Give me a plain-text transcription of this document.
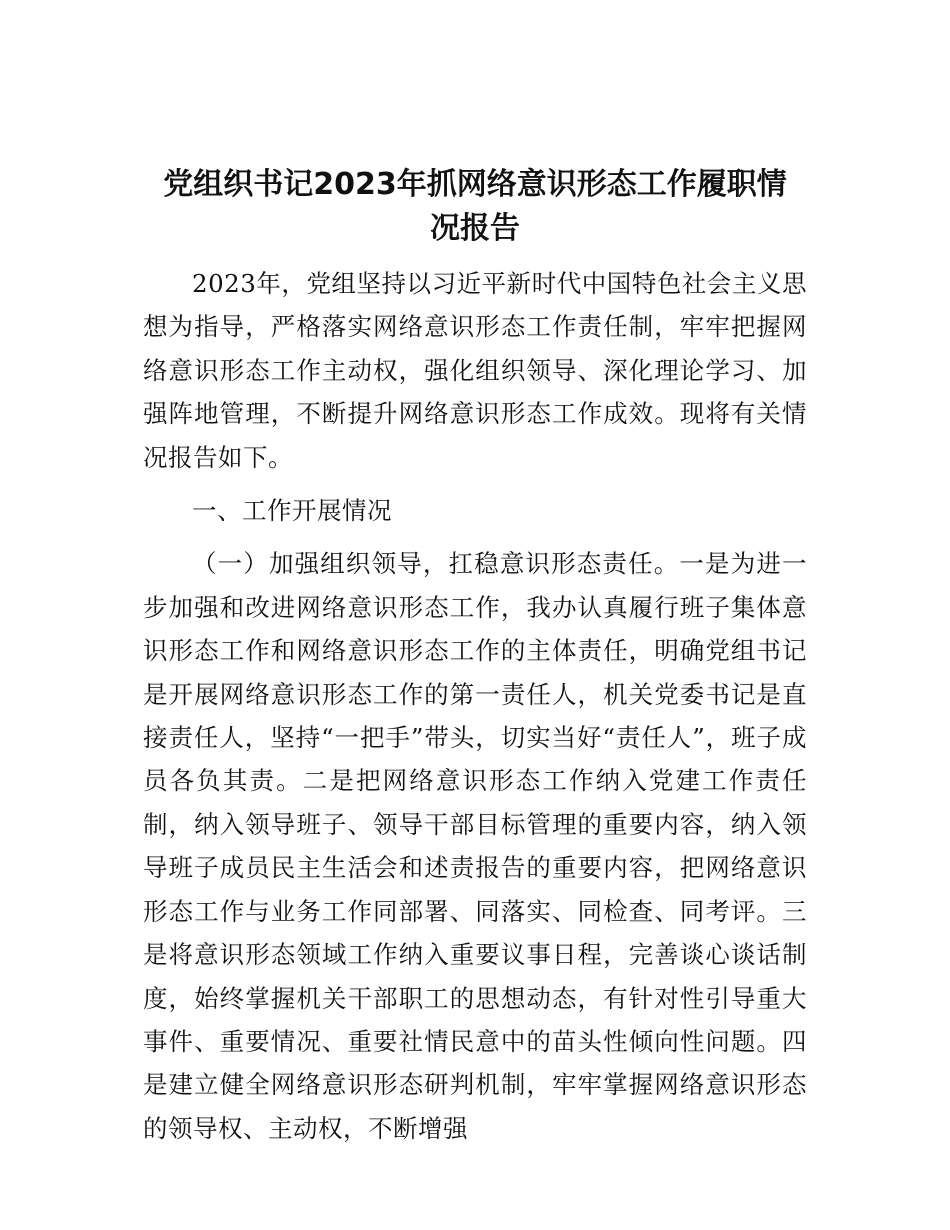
党组织书记2023年抓网络意识形态工作履职情
况报告

2023年，党组坚持以习近平新时代中国特色社会主义思想为指导，严格落实网络意识形态工作责任制，牢牢把握网络意识形态工作主动权，强化组织领导、深化理论学习、加强阵地管理，不断提升网络意识形态工作成效。现将有关情况报告如下。

一、工作开展情况

（一）加强组织领导，扛稳意识形态责任。一是为进一步加强和改进网络意识形态工作，我办认真履行班子集体意识形态工作和网络意识形态工作的主体责任，明确党组书记是开展网络意识形态工作的第一责任人，机关党委书记是直接责任人，坚持“一把手”带头，切实当好“责任人”，班子成员各负其责。二是把网络意识形态工作纳入党建工作责任制，纳入领导班子、领导干部目标管理的重要内容，纳入领导班子成员民主生活会和述责报告的重要内容，把网络意识形态工作与业务工作同部署、同落实、同检查、同考评。三是将意识形态领域工作纳入重要议事日程，完善谈心谈话制度，始终掌握机关干部职工的思想动态，有针对性引导重大事件、重要情况、重要社情民意中的苗头性倾向性问题。四是建立健全网络意识形态研判机制，牢牢掌握网络意识形态的领导权、主动权，不断增强
